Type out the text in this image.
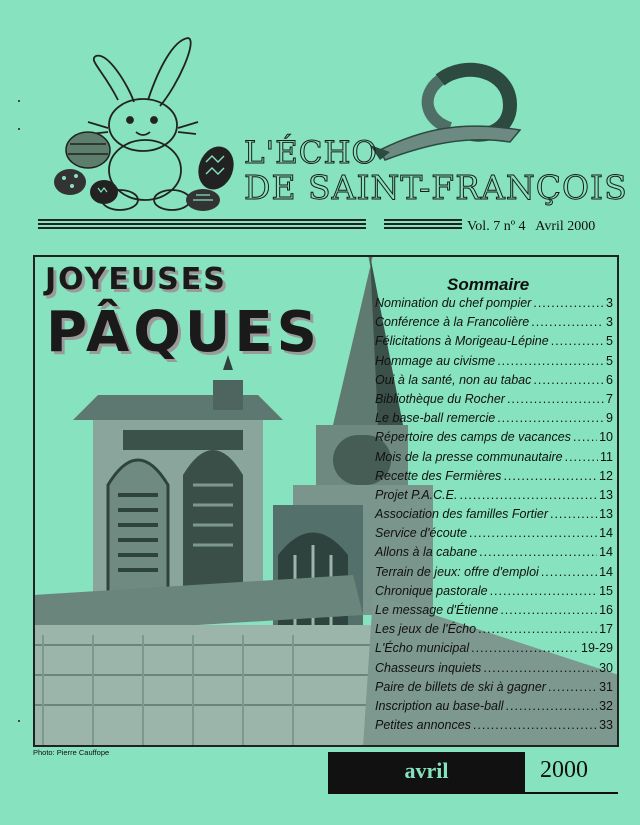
L'ÉCHO
DE SAINT-FRANÇOIS
Vol. 7 nº 4 Avril 2000
JOYEUSES
PÂQUES
Sommaire
Nomination du chef pompier .....	3
Conférence à la Francolière .....	3
Félicitations à Morigeau-Lépine .....	5
Hommage au civisme .....	5
Oui à la santé, non au tabac .....	6
Bibliothèque du Rocher .....	7
Le base-ball remercie .....	9
Répertoire des camps de vacances ..... 10
Mois de la presse communautaire .....	11
Recette des Fermières .....	12
Projet P.A.C.E. .....	13
Association des familles Fortier .....	13
Service d'écoute .....	14
Allons à la cabane .....	14
Terrain de jeux: offre d'emploi .....	14
Chronique pastorale .....	15
Le message d'Étienne .....	16
Les jeux de l'Écho .....	17
L'Écho municipal .....	19-29
Chasseurs inquiets .....	30
Paire de billets de ski à gagner .....	31
Inscription au base-ball .....	32
Petites annonces .....	33
Photo: Pierre Cauffope
avril	2000
